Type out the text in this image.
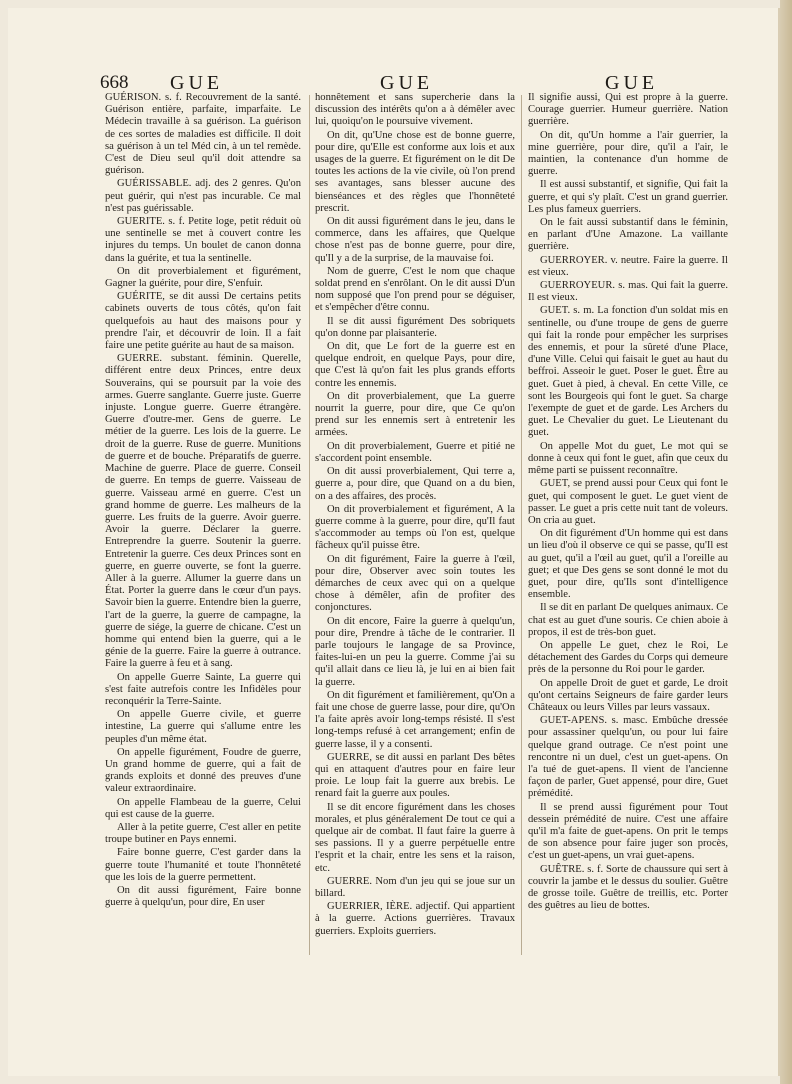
668 GUE	GUE	GUE

GUÉRISON. s. f. Recouvrement de la santé. Guérison entière, parfaite, imparfaite. Le Médecin travaille à sa guérison. La guérison de ces sortes de maladies est difficile. Il doit sa guérison à un tel Méd cin, à un tel remède. C'est de Dieu seul qu'il doit attendre sa guérison.

GUÉRISSABLE. adj. des 2 genres. Qu'on peut guérir, qui n'est pas incurable. Ce mal n'est pas guérissable.

GUERITE. s. f. Petite loge, petit réduit où une sentinelle se met à couvert contre les injures du temps. Un boulet de canon donna dans la guérite, et tua la sentinelle.

On dit proverbialement et figurément, Gagner la guérite, pour dire, S'enfuir.

GUÉRITE, se dit aussi De certains petits cabinets ouverts de tous côtés, qu'on fait quelquefois au haut des maisons pour y prendre l'air, et découvrir de loin. Il a fait faire une petite guérite au haut de sa maison.

GUERRE. substant. féminin. Querelle, différent entre deux Princes, entre deux Souverains, qui se poursuit par la voie des armes. Guerre sanglante. Guerre juste. Guerre injuste. Longue guerre. Guerre étrangère. Guerre d'outre-mer. Gens de guerre. Le métier de la guerre. Les lois de la guerre. Le droit de la guerre. Ruse de guerre. Munitions de guerre et de bouche. Préparatifs de guerre. Machine de guerre. Place de guerre. Conseil de guerre. En temps de guerre. Vaisseau de guerre. Vaisseau armé en guerre. C'est un grand homme de guerre. Les malheurs de la guerre. Les fruits de la guerre. Avoir guerre. Avoir la guerre. Déclarer la guerre. Entreprendre la guerre. Soutenir la guerre. Entretenir la guerre. Ces deux Princes sont en guerre, en guerre ouverte, se font la guerre. Aller à la guerre. Allumer la guerre dans un État. Porter la guerre dans le cœur d'un pays. Savoir bien la guerre. Entendre bien la guerre, l'art de la guerre, la guerre de campagne, la guerre de siége, la guerre de chicane. C'est un homme qui entend bien la guerre, qui a le génie de la guerre. Faire la guerre à outrance. Faire la guerre à feu et à sang.

On appelle Guerre Sainte, La guerre qui s'est faite autrefois contre les Infidèles pour reconquérir la Terre-Sainte.

On appelle Guerre civile, et guerre intestine, La guerre qui s'allume entre les peuples d'un même état.

On appelle figurément, Foudre de guerre, Un grand homme de guerre, qui a fait de grands exploits et donné des preuves d'une valeur extraordinaire.

On appelle Flambeau de la guerre, Celui qui est cause de la guerre.

Aller à la petite guerre, C'est aller en petite troupe butiner en Pays ennemi.

Faire bonne guerre, C'est garder dans la guerre toute l'humanité et toute l'honnêteté que les lois de la guerre permettent.

On dit aussi figurément, Faire bonne guerre à quelqu'un, pour dire, En user

honnêtement et sans supercherie dans la discussion des intérêts qu'on a à démêler avec lui, quoiqu'on le poursuive vivement.

On dit, qu'Une chose est de bonne guerre, pour dire, qu'Elle est conforme aux lois et aux usages de la guerre. Et figurément on le dit De toutes les actions de la vie civile, où l'on prend ses avantages, sans blesser aucune des bienséances et des règles que l'honnêteté prescrit.

On dit aussi figurément dans le jeu, dans le commerce, dans les affaires, que Quelque chose n'est pas de bonne guerre, pour dire, qu'Il y a de la surprise, de la mauvaise foi.

Nom de guerre, C'est le nom que chaque soldat prend en s'enrôlant. On le dit aussi D'un nom supposé que l'on prend pour se déguiser, et s'empêcher d'être connu.

Il se dit aussi figurément Des sobriquets qu'on donne par plaisanterie.

On dit, que Le fort de la guerre est en quelque endroit, en quelque Pays, pour dire, que C'est là qu'on fait les plus grands efforts contre les ennemis.

On dit proverbialement, que La guerre nourrit la guerre, pour dire, que Ce qu'on prend sur les ennemis sert à entretenir les armées.

On dit proverbialement, Guerre et pitié ne s'accordent point ensemble.

On dit aussi proverbialement, Qui terre a, guerre a, pour dire, que Quand on a du bien, on a des affaires, des procès.

On dit proverbialement et figurément, A la guerre comme à la guerre, pour dire, qu'Il faut s'accommoder au temps où l'on est, quelque fâcheux qu'il puisse être.

On dit figurément, Faire la guerre à l'œil, pour dire, Observer avec soin toutes les démarches de ceux avec qui on a quelque chose à démêler, afin de profiter des conjonctures.

On dit encore, Faire la guerre à quelqu'un, pour dire, Prendre à tâche de le contrarier. Il parle toujours le langage de sa Province, faites-lui-en un peu la guerre. Comme j'ai su qu'il allait dans ce lieu là, je lui en ai bien fait la guerre.

On dit figurément et familièrement, qu'On a fait une chose de guerre lasse, pour dire, qu'On l'a faite après avoir long-temps résisté. Il s'est long-temps refusé à cet arrangement; enfin de guerre lasse, il y a consenti.

GUERRE, se dit aussi en parlant Des bêtes qui en attaquent d'autres pour en faire leur proie. Le loup fait la guerre aux brebis. Le renard fait la guerre aux poules.

Il se dit encore figurément dans les choses morales, et plus généralement De tout ce qui a quelque air de combat. Il faut faire la guerre à ses passions. Il y a guerre perpétuelle entre l'esprit et la chair, entre les sens et la raison, etc.

GUERRE. Nom d'un jeu qui se joue sur un billard.

GUERRIER, IÈRE. adjectif. Qui appartient à la guerre. Actions guerrières. Travaux guerriers. Exploits guerriers.

Il signifie aussi, Qui est propre à la guerre. Courage guerrier. Humeur guerrière. Nation guerrière.

On dit, qu'Un homme a l'air guerrier, la mine guerrière, pour dire, qu'il a l'air, le maintien, la contenance d'un homme de guerre.

Il est aussi substantif, et signifie, Qui fait la guerre, et qui s'y plaît. C'est un grand guerrier. Les plus fameux guerriers.

On le fait aussi substantif dans le féminin, en parlant d'Une Amazone. La vaillante guerrière.

GUERROYER. v. neutre. Faire la guerre. Il est vieux.

GUERROYEUR. s. mas. Qui fait la guerre. Il est vieux.

GUET. s. m. La fonction d'un soldat mis en sentinelle, ou d'une troupe de gens de guerre qui fait la ronde pour empêcher les surprises des ennemis, et pour la sûreté d'une Place, d'une Ville. Celui qui faisait le guet au haut du beffroi. Asseoir le guet. Poser le guet. Être au guet. Guet à pied, à cheval. En cette Ville, ce sont les Bourgeois qui font le guet. Sa charge l'exempte de guet et de garde. Les Archers du guet. Le Chevalier du guet. Le Lieutenant du guet.

On appelle Mot du guet, Le mot qui se donne à ceux qui font le guet, afin que ceux du même parti se puissent reconnaître.

GUET, se prend aussi pour Ceux qui font le guet, qui composent le guet. Le guet vient de passer. Le guet a pris cette nuit tant de voleurs. On cria au guet.

On dit figurément d'Un homme qui est dans un lieu d'où il observe ce qui se passe, qu'Il est au guet, qu'il a l'œil au guet, qu'il a l'oreille au guet; et que Des gens se sont donné le mot du guet, pour dire, qu'Ils sont d'intelligence ensemble.

Il se dit en parlant De quelques animaux. Ce chat est au guet d'une souris. Ce chien aboie à propos, il est de très-bon guet.

On appelle Le guet, chez le Roi, Le détachement des Gardes du Corps qui demeure près de la personne du Roi pour le garder.

On appelle Droit de guet et garde, Le droit qu'ont certains Seigneurs de faire garder leurs Châteaux ou leurs Villes par leurs vassaux.

GUET-APENS. s. masc. Embûche dressée pour assassiner quelqu'un, ou pour lui faire quelque grand outrage. Ce n'est point une rencontre ni un duel, c'est un guet-apens. On l'a tué de guet-apens. Il vient de l'ancienne façon de parler, Guet appensé, pour dire, Guet prémédité.

Il se prend aussi figurément pour Tout dessein prémédité de nuire. C'est une affaire qu'il m'a faite de guet-apens. On prit le temps de son absence pour faire juger son procès, c'est un guet-apens, un vrai guet-apens.

GUÊTRE. s. f. Sorte de chaussure qui sert à couvrir la jambe et le dessus du soulier. Guêtre de grosse toile. Guêtre de treillis, etc. Porter des guêtres au lieu de bottes.
